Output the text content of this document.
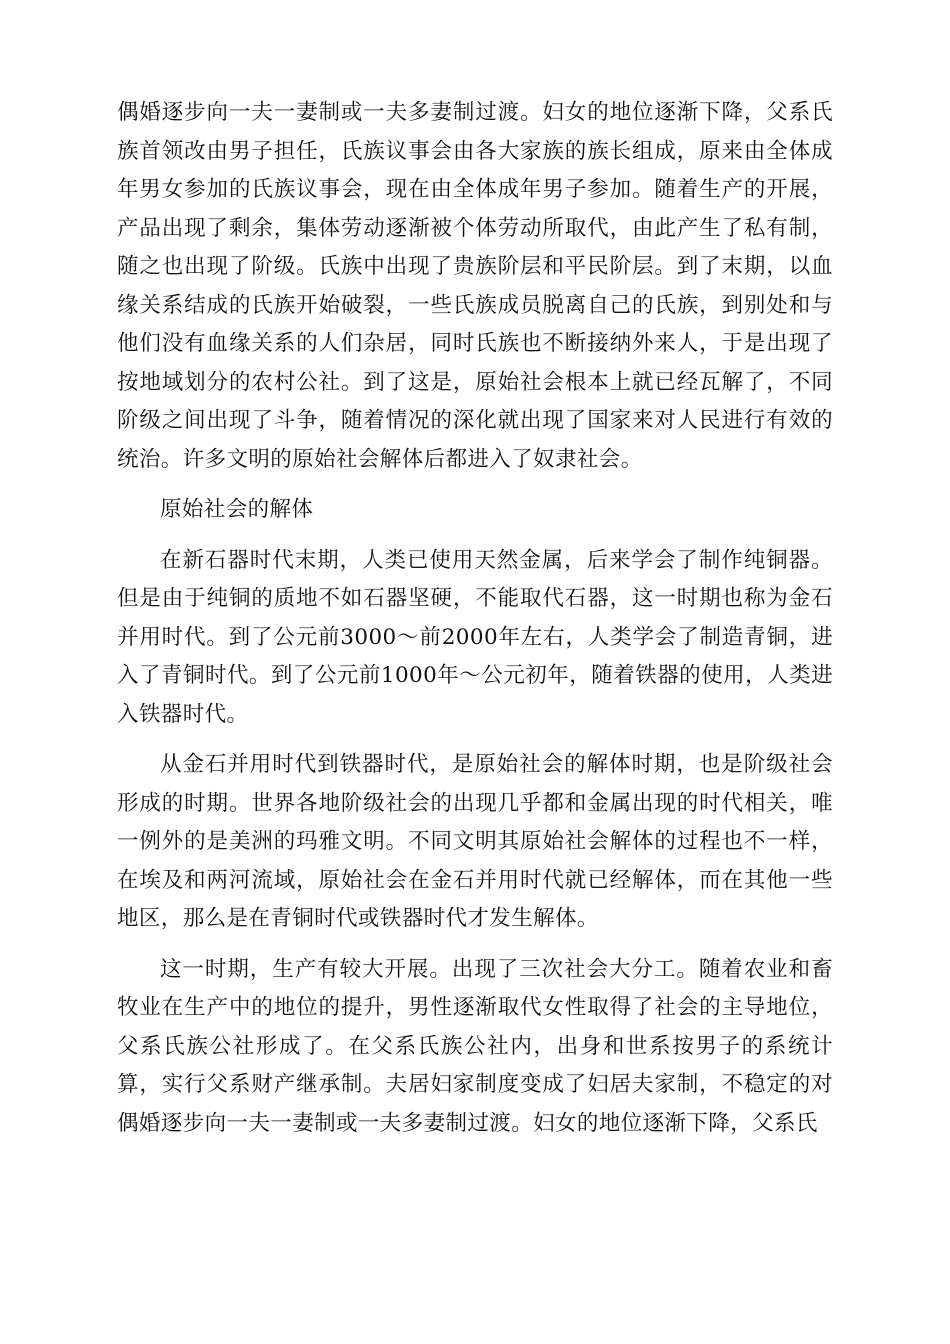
偶婚逐步向一夫一妻制或一夫多妻制过渡。妇女的地位逐渐下降，父系氏族首领改由男子担任，氏族议事会由各大家族的族长组成，原来由全体成年男女参加的氏族议事会，现在由全体成年男子参加。随着生产的开展，产品出现了剩余，集体劳动逐渐被个体劳动所取代，由此产生了私有制，随之也出现了阶级。氏族中出现了贵族阶层和平民阶层。到了末期，以血缘关系结成的氏族开始破裂，一些氏族成员脱离自己的氏族，到别处和与他们没有血缘关系的人们杂居，同时氏族也不断接纳外来人，于是出现了按地域划分的农村公社。到了这是，原始社会根本上就已经瓦解了，不同阶级之间出现了斗争，随着情况的深化就出现了国家来对人民进行有效的统治。许多文明的原始社会解体后都进入了奴隶社会。

原始社会的解体

在新石器时代末期，人类已使用天然金属，后来学会了制作纯铜器。但是由于纯铜的质地不如石器坚硬，不能取代石器，这一时期也称为金石并用时代。到了公元前3000～前2000年左右，人类学会了制造青铜，进入了青铜时代。到了公元前1000年～公元初年，随着铁器的使用，人类进入铁器时代。

从金石并用时代到铁器时代，是原始社会的解体时期，也是阶级社会形成的时期。世界各地阶级社会的出现几乎都和金属出现的时代相关，唯一例外的是美洲的玛雅文明。不同文明其原始社会解体的过程也不一样，在埃及和两河流域，原始社会在金石并用时代就已经解体，而在其他一些地区，那么是在青铜时代或铁器时代才发生解体。

这一时期，生产有较大开展。出现了三次社会大分工。随着农业和畜牧业在生产中的地位的提升，男性逐渐取代女性取得了社会的主导地位，父系氏族公社形成了。在父系氏族公社内，出身和世系按男子的系统计算，实行父系财产继承制。夫居妇家制度变成了妇居夫家制，不稳定的对偶婚逐步向一夫一妻制或一夫多妻制过渡。妇女的地位逐渐下降，父系氏
